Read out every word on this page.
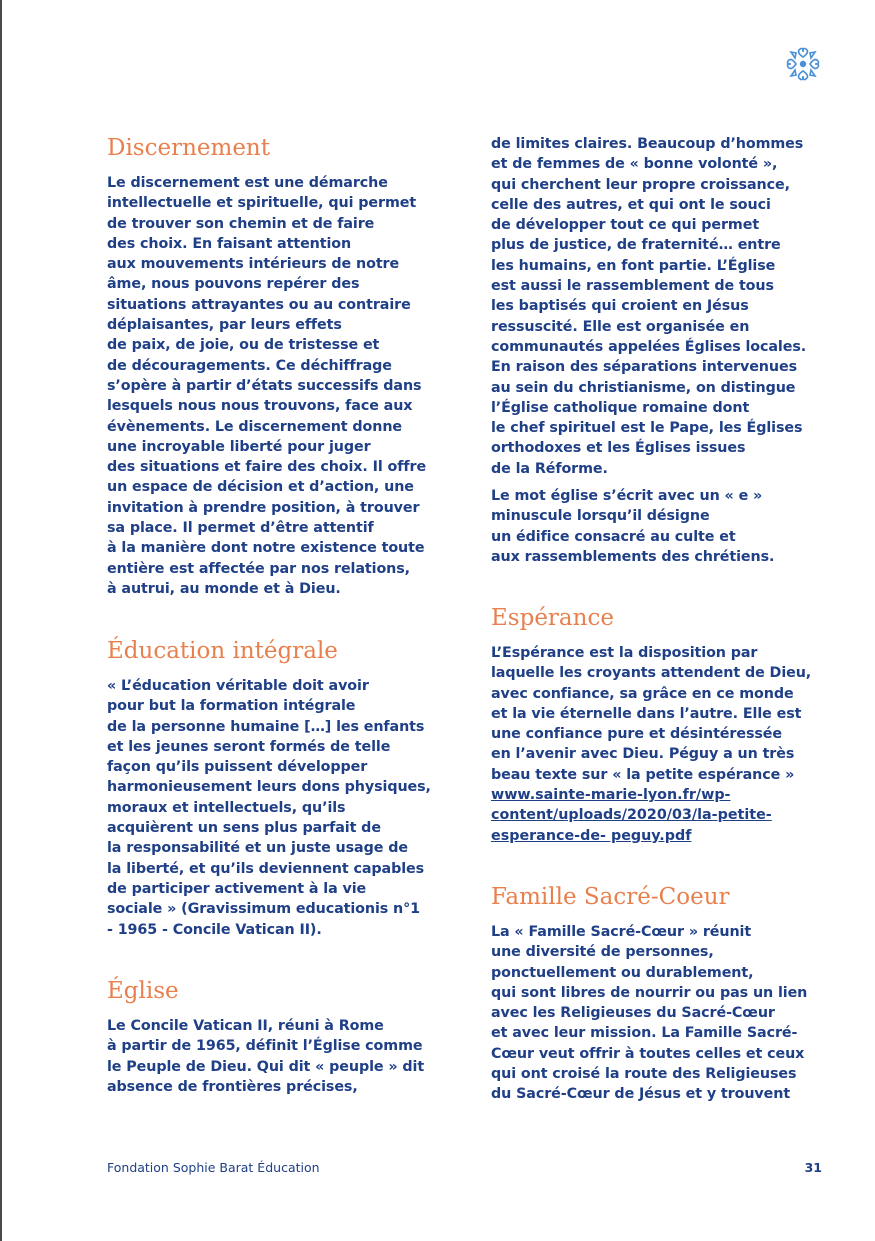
Discernement

Le discernement est une démarche
intellectuelle et spirituelle, qui permet
de trouver son chemin et de faire
des choix. En faisant attention
aux mouvements intérieurs de notre
âme, nous pouvons repérer des
situations attrayantes ou au contraire
déplaisantes, par leurs effets
de paix, de joie, ou de tristesse et
de découragements. Ce déchiffrage
s’opère à partir d’états successifs dans
lesquels nous nous trouvons, face aux
évènements. Le discernement donne
une incroyable liberté pour juger
des situations et faire des choix. Il offre
un espace de décision et d’action, une
invitation à prendre position, à trouver
sa place. Il permet d’être attentif
à la manière dont notre existence toute
entière est affectée par nos relations,
à autrui, au monde et à Dieu.

Éducation intégrale

« L’éducation véritable doit avoir
pour but la formation intégrale
de la personne humaine […] les enfants
et les jeunes seront formés de telle
façon qu’ils puissent développer
harmonieusement leurs dons physiques,
moraux et intellectuels, qu’ils
acquièrent un sens plus parfait de
la responsabilité et un juste usage de
la liberté, et qu’ils deviennent capables
de participer activement à la vie
sociale » (Gravissimum educationis n°1
- 1965 - Concile Vatican II).

Église

Le Concile Vatican II, réuni à Rome
à partir de 1965, définit l’Église comme
le Peuple de Dieu. Qui dit « peuple » dit
absence de frontières précises,

de limites claires. Beaucoup d’hommes
et de femmes de « bonne volonté »,
qui cherchent leur propre croissance,
celle des autres, et qui ont le souci
de développer tout ce qui permet
plus de justice, de fraternité… entre
les humains, en font partie. L’Église
est aussi le rassemblement de tous
les baptisés qui croient en Jésus
ressuscité. Elle est organisée en
communautés appelées Églises locales.
En raison des séparations intervenues
au sein du christianisme, on distingue
l’Église catholique romaine dont
le chef spirituel est le Pape, les Églises
orthodoxes et les Églises issues
de la Réforme.

Le mot église s’écrit avec un « e »
minuscule lorsqu’il désigne
un édifice consacré au culte et
aux rassemblements des chrétiens.

Espérance

L’Espérance est la disposition par
laquelle les croyants attendent de Dieu,
avec confiance, sa grâce en ce monde
et la vie éternelle dans l’autre. Elle est
une confiance pure et désintéressée
en l’avenir avec Dieu. Péguy a un très
beau texte sur « la petite espérance »

www.sainte-marie-lyon.fr/wp-
content/uploads/2020/03/la-petite-
esperance-de- peguy.pdf
Famille Sacré-Coeur

La « Famille Sacré-Cœur » réunit
une diversité de personnes,
ponctuellement ou durablement,
qui sont libres de nourrir ou pas un lien
avec les Religieuses du Sacré-Cœur
et avec leur mission. La Famille Sacré-
Cœur veut offrir à toutes celles et ceux
qui ont croisé la route des Religieuses
du Sacré-Cœur de Jésus et y trouvent

Fondation Sophie Barat Éducation	31
